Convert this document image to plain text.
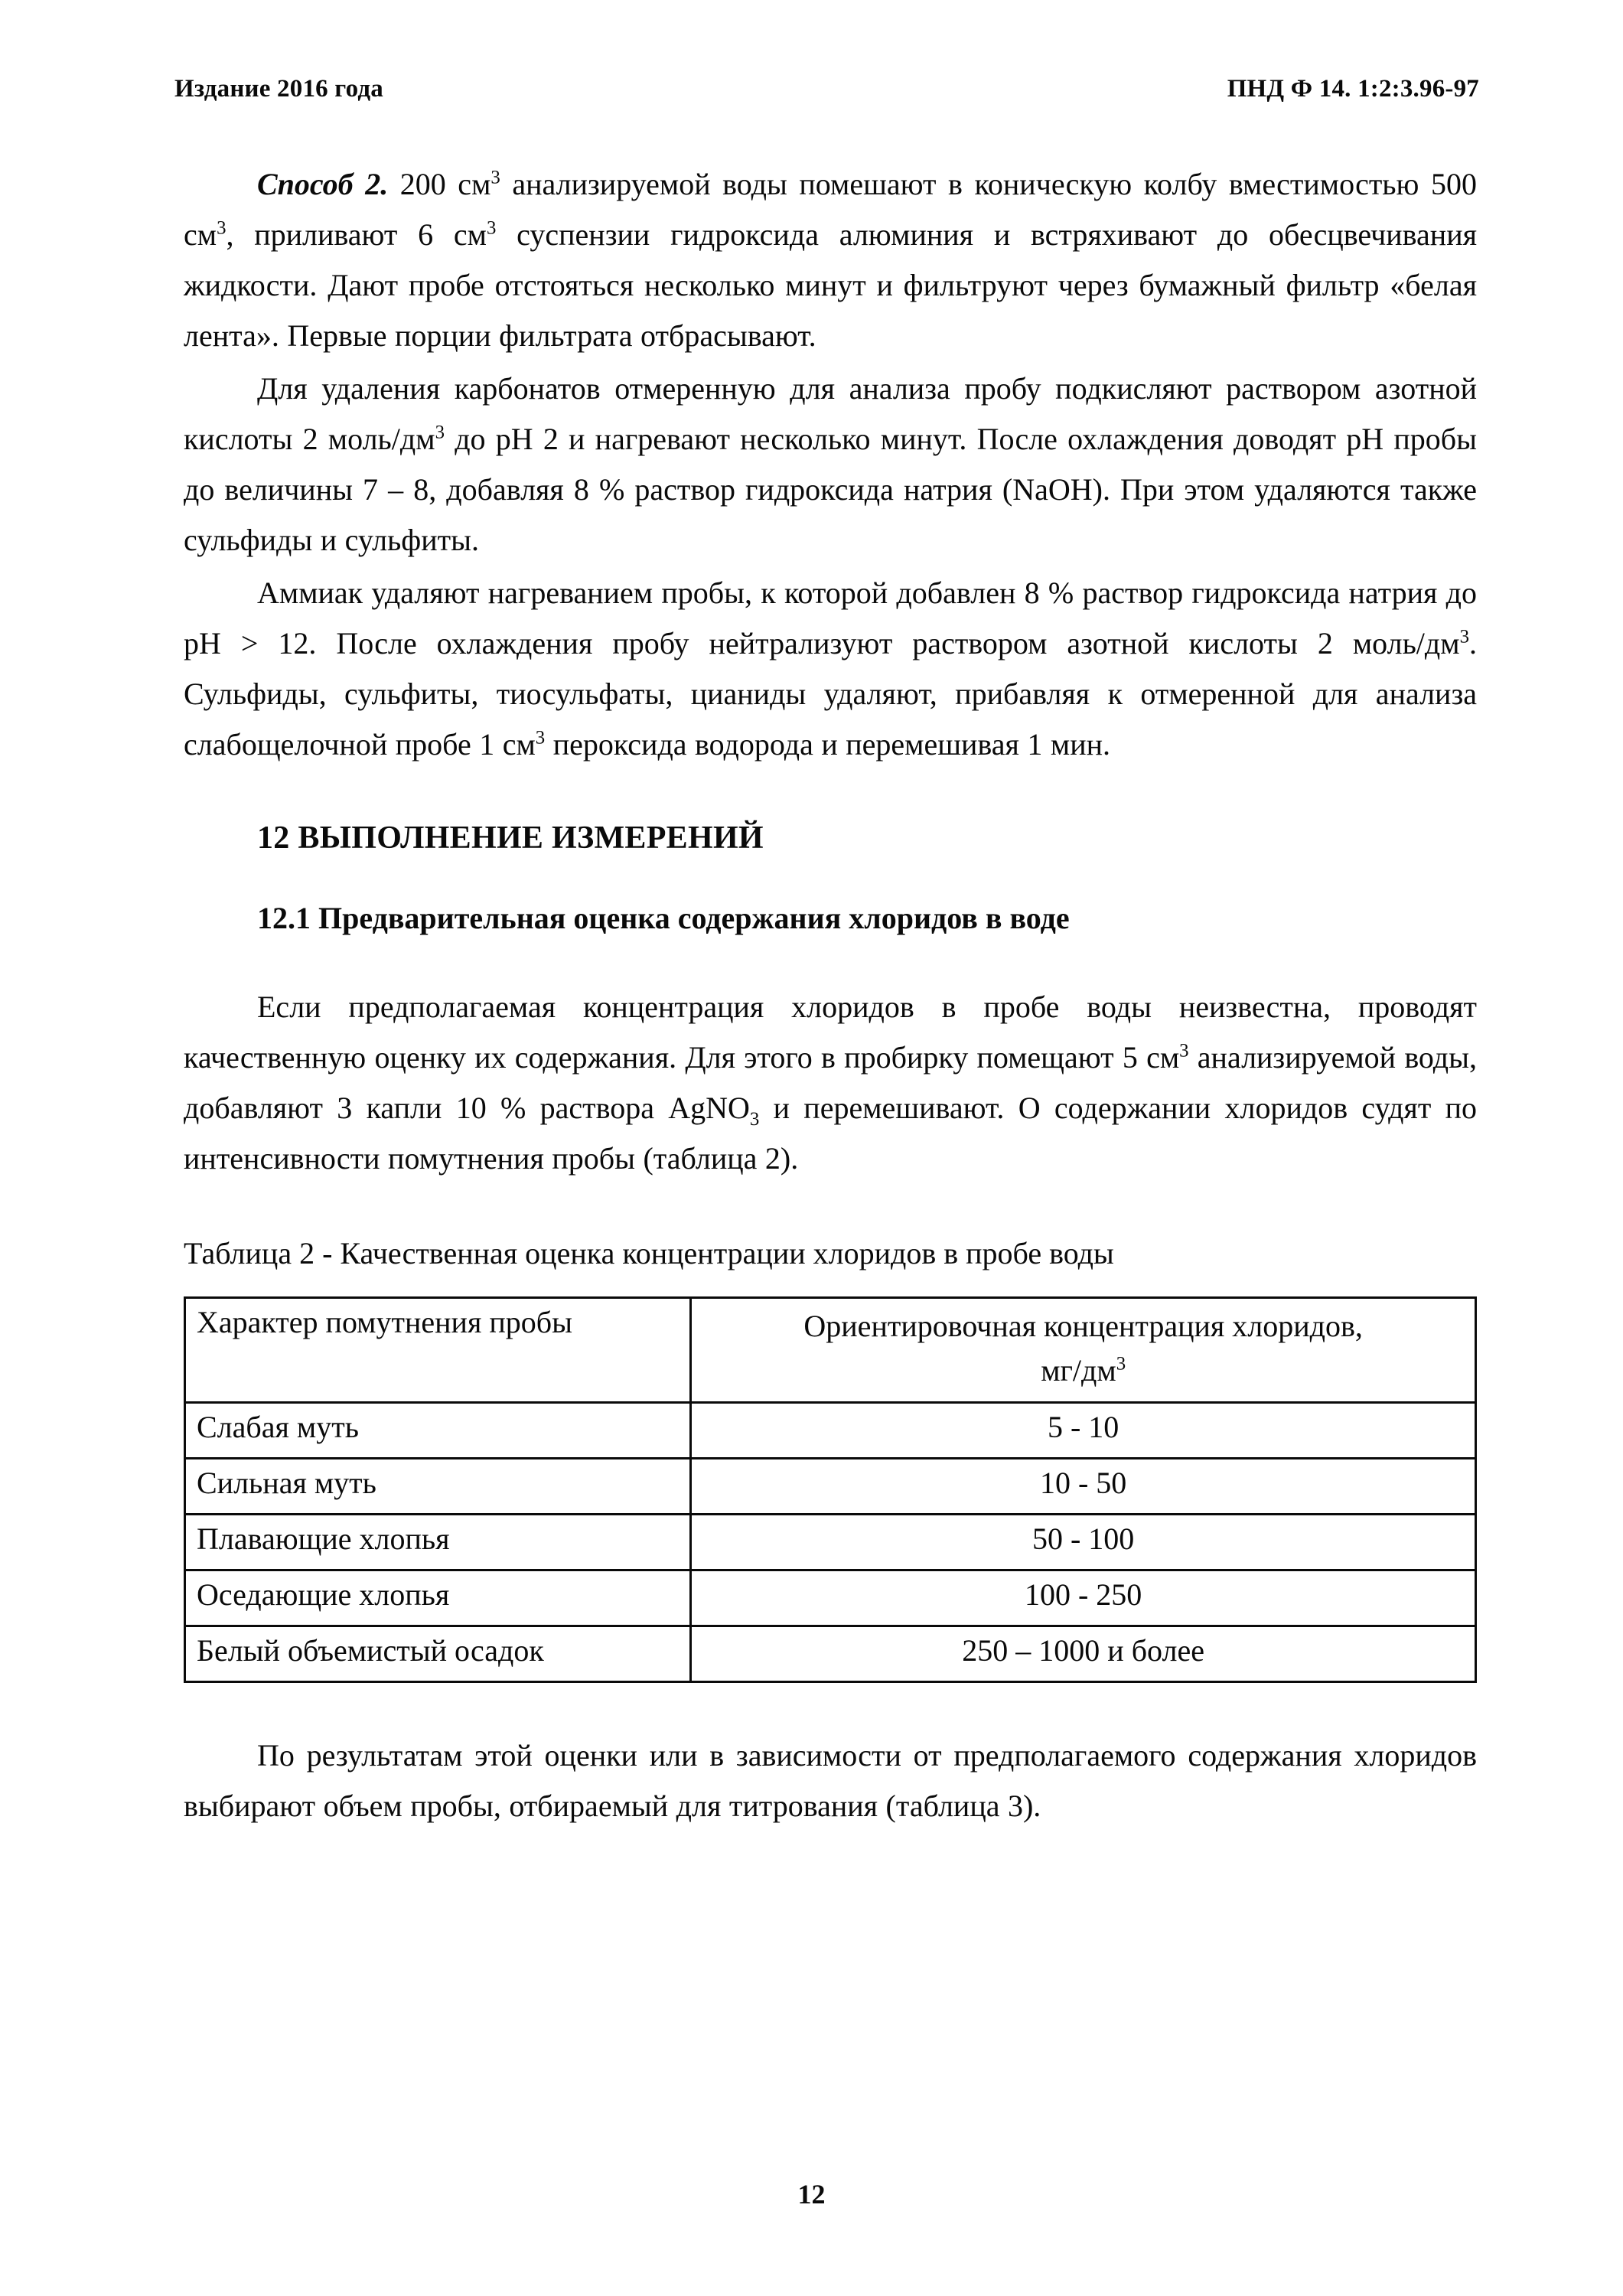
Издание 2016 года	ПНД Ф 14. 1:2:3.96-97

Способ 2. 200 $см^3$ анализируемой воды помешают в коническую колбу вместимостью 500 $см^3$, приливают 6 $см^3$ суспензии гидроксида алюминия и встряхивают до обесцвечивания жидкости. Дают пробе отстояться несколько минут и фильтруют через бумажный фильтр «белая лента». Первые порции фильтрата отбрасывают.

Для удаления карбонатов отмеренную для анализа пробу подкисляют раствором азотной кислоты 2 моль/$дм^3$ до pH 2 и нагревают несколько минут. После охлаждения доводят pH пробы до величины 7 – 8, добавляя 8 % раствор гидроксида натрия (NaOH). При этом удаляются также сульфиды и сульфиты.

Аммиак удаляют нагреванием пробы, к которой добавлен 8 % раствор гидроксида натрия до pH > 12. После охлаждения пробу нейтрализуют раствором азотной кислоты 2 моль/$дм^3$. Сульфиды, сульфиты, тиосульфаты, цианиды удаляют, прибавляя к отмеренной для анализа слабощелочной пробе 1 $см^3$ пероксида водорода и перемешивая 1 мин.

12 ВЫПОЛНЕНИЕ ИЗМЕРЕНИЙ
12.1 Предварительная оценка содержания хлоридов в воде

Если предполагаемая концентрация хлоридов в пробе воды неизвестна, проводят качественную оценку их содержания. Для этого в пробирку помещают 5 $см^3$ анализируемой воды, добавляют 3 капли 10 % раствора AgNO$_3$ и перемешивают. О содержании хлоридов судят по интенсивности помутнения пробы (таблица 2).

Таблица 2 - Качественная оценка концентрации хлоридов в пробе воды

Характер помутнения пробы	Ориентировочная концентрация хлоридов,
$мг/дм^3$
Слабая муть	5 - 10
Сильная муть	10 - 50
Плавающие хлопья	50 - 100
Оседающие хлопья	100 - 250
Белый объемистый осадок	250 – 1000 и более

По результатам этой оценки или в зависимости от предполагаемого содержания хлоридов выбирают объем пробы, отбираемый для титрования (таблица 3).

12
